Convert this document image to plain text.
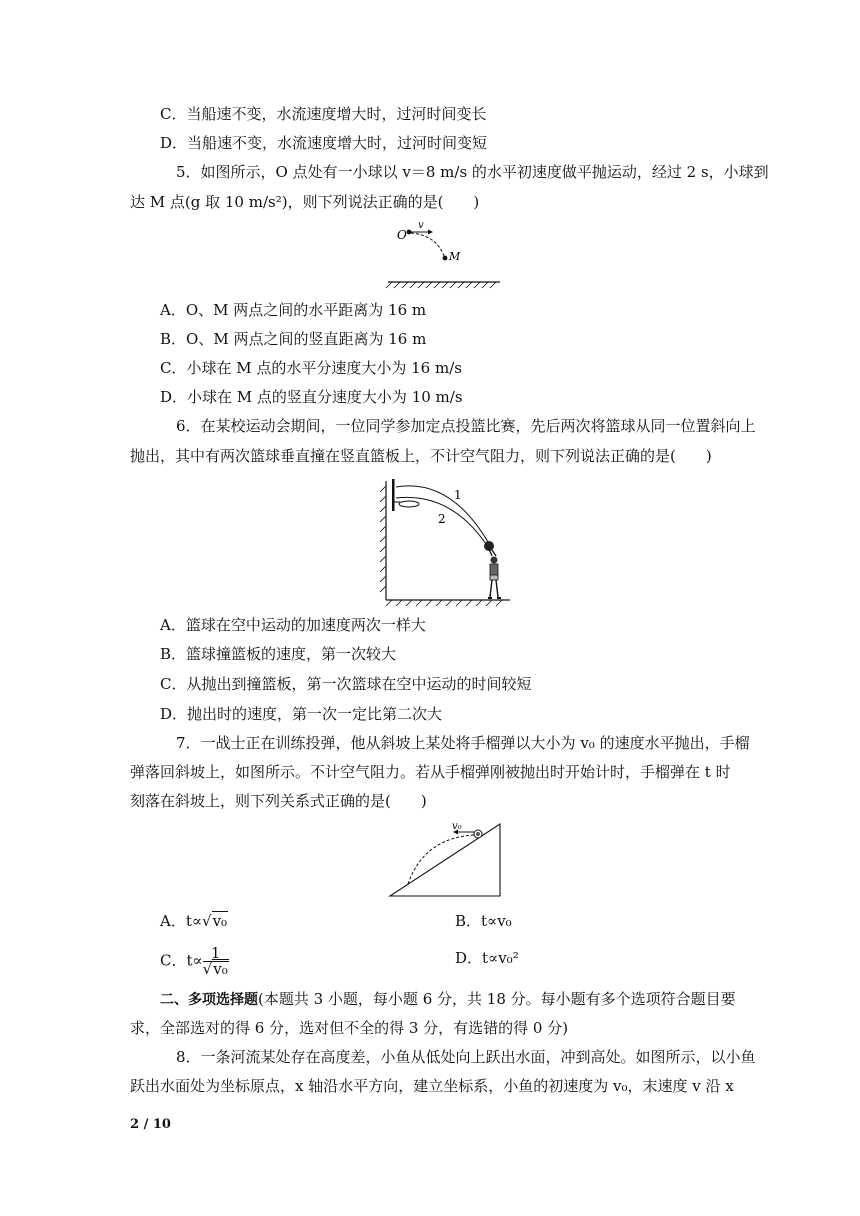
C．当船速不变，水流速度增大时，过河时间变长
D．当船速不变，水流速度增大时，过河时间变短
5．如图所示，O 点处有一小球以 v＝8 m/s 的水平初速度做平抛运动，经过 2 s，小球到
达 M 点(g 取 10 m/s²)，则下列说法正确的是(　　)
O
v
M
A．O、M 两点之间的水平距离为 16 m
B．O、M 两点之间的竖直距离为 16 m
C．小球在 M 点的水平分速度大小为 16 m/s
D．小球在 M 点的竖直分速度大小为 10 m/s
6．在某校运动会期间，一位同学参加定点投篮比赛，先后两次将篮球从同一位置斜向上
抛出，其中有两次篮球垂直撞在竖直篮板上，不计空气阻力，则下列说法正确的是(　　)
1
2
A．篮球在空中运动的加速度两次一样大
B．篮球撞篮板的速度，第一次较大
C．从抛出到撞篮板，第一次篮球在空中运动的时间较短
D．抛出时的速度，第一次一定比第二次大
7．一战士正在训练投弹，他从斜坡上某处将手榴弹以大小为 v₀ 的速度水平抛出，手榴
弹落回斜坡上，如图所示。不计空气阻力。若从手榴弹刚被抛出时开始计时，手榴弹在 t 时
刻落在斜坡上，则下列关系式正确的是(　　)
v₀
A．t∝√v₀	B．t∝v₀
C．$t\propto \frac{1}{\text{√v₀}}$	D．t∝v₀²
二、多项选择题(本题共 3 小题，每小题 6 分，共 18 分。每小题有多个选项符合题目要
求，全部选对的得 6 分，选对但不全的得 3 分，有选错的得 0 分)
8．一条河流某处存在高度差，小鱼从低处向上跃出水面，冲到高处。如图所示，以小鱼
跃出水面处为坐标原点，x 轴沿水平方向，建立坐标系，小鱼的初速度为 v₀，末速度 v 沿 x
2 / 10
